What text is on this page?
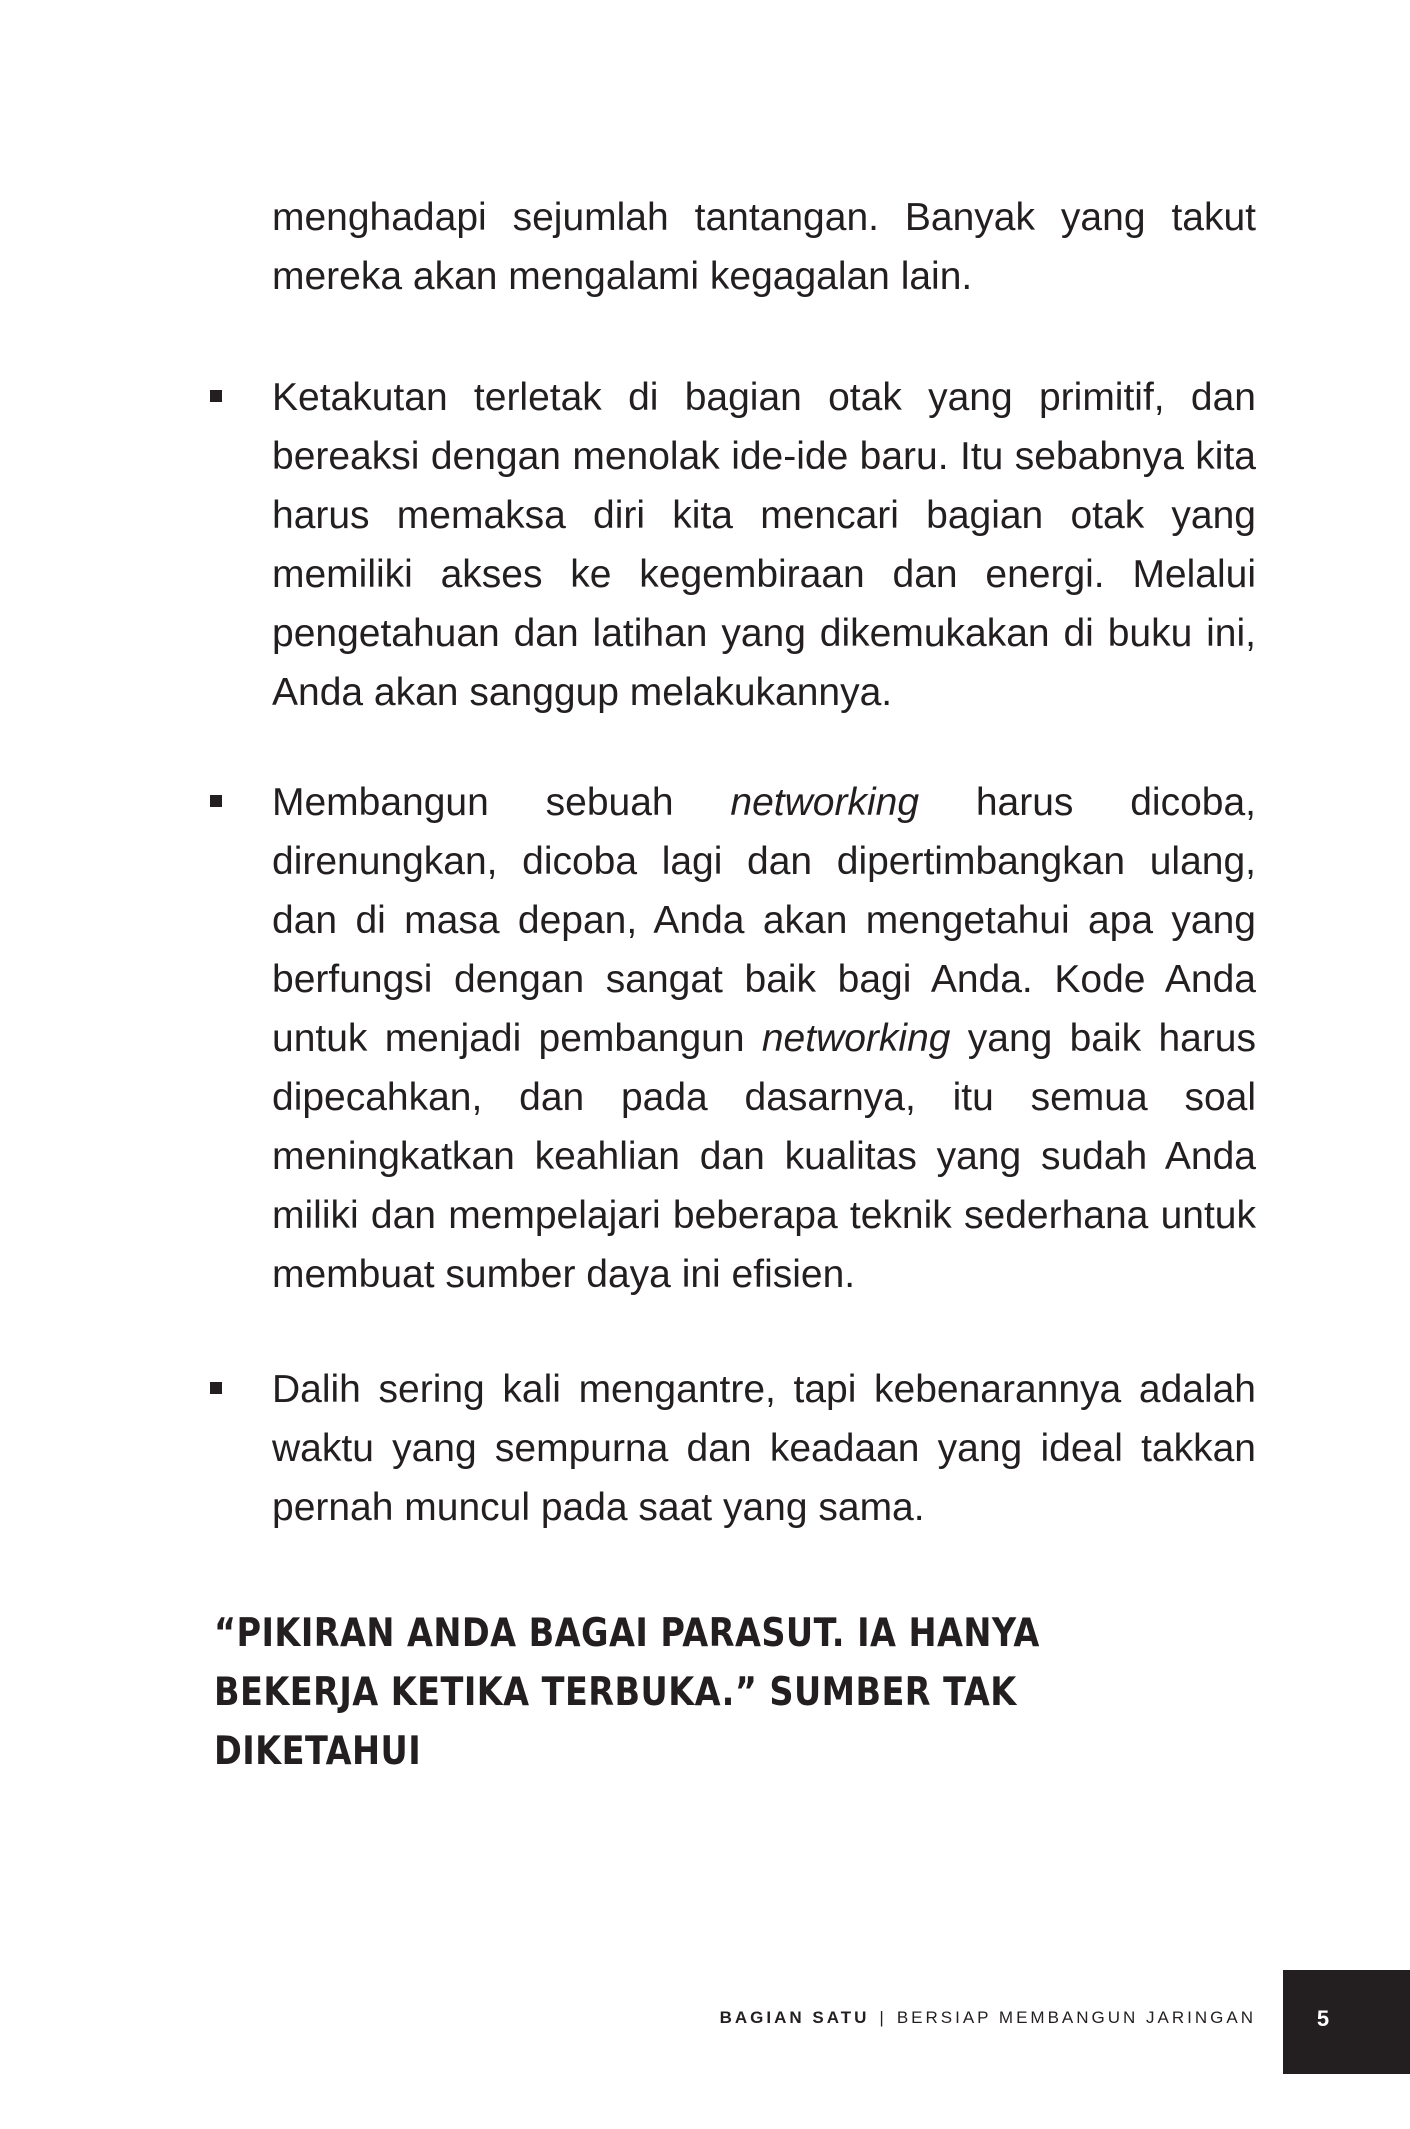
menghadapi sejumlah tantangan. Banyak yang takut mereka akan mengalami kegagalan lain.

Ketakutan terletak di bagian otak yang primitif, dan bereaksi dengan menolak ide-ide baru. Itu sebabnya kita harus memaksa diri kita mencari bagian otak yang memiliki akses ke kegembiraan dan energi. Melalui pengetahuan dan latihan yang dikemukakan di buku ini, Anda akan sanggup melakukannya.

Membangun sebuah networking harus dicoba, direnungkan, dicoba lagi dan dipertimbangkan ulang, dan di masa depan, Anda akan mengetahui apa yang berfungsi dengan sangat baik bagi Anda. Kode Anda untuk menjadi pembangun networking yang baik harus dipecahkan, dan pada dasarnya, itu semua soal meningkatkan keahlian dan kualitas yang sudah Anda miliki dan mempelajari beberapa teknik sederhana untuk membuat sumber daya ini efisien.

Dalih sering kali mengantre, tapi kebenarannya adalah waktu yang sempurna dan keadaan yang ideal takkan pernah muncul pada saat yang sama.

“PIKIRAN ANDA BAGAI PARASUT. IA HANYA BEKERJA KETIKA TERBUKA.” SUMBER TAK DIKETAHUI

BAGIAN SATU | BERSIAP MEMBANGUN JARINGAN	5
